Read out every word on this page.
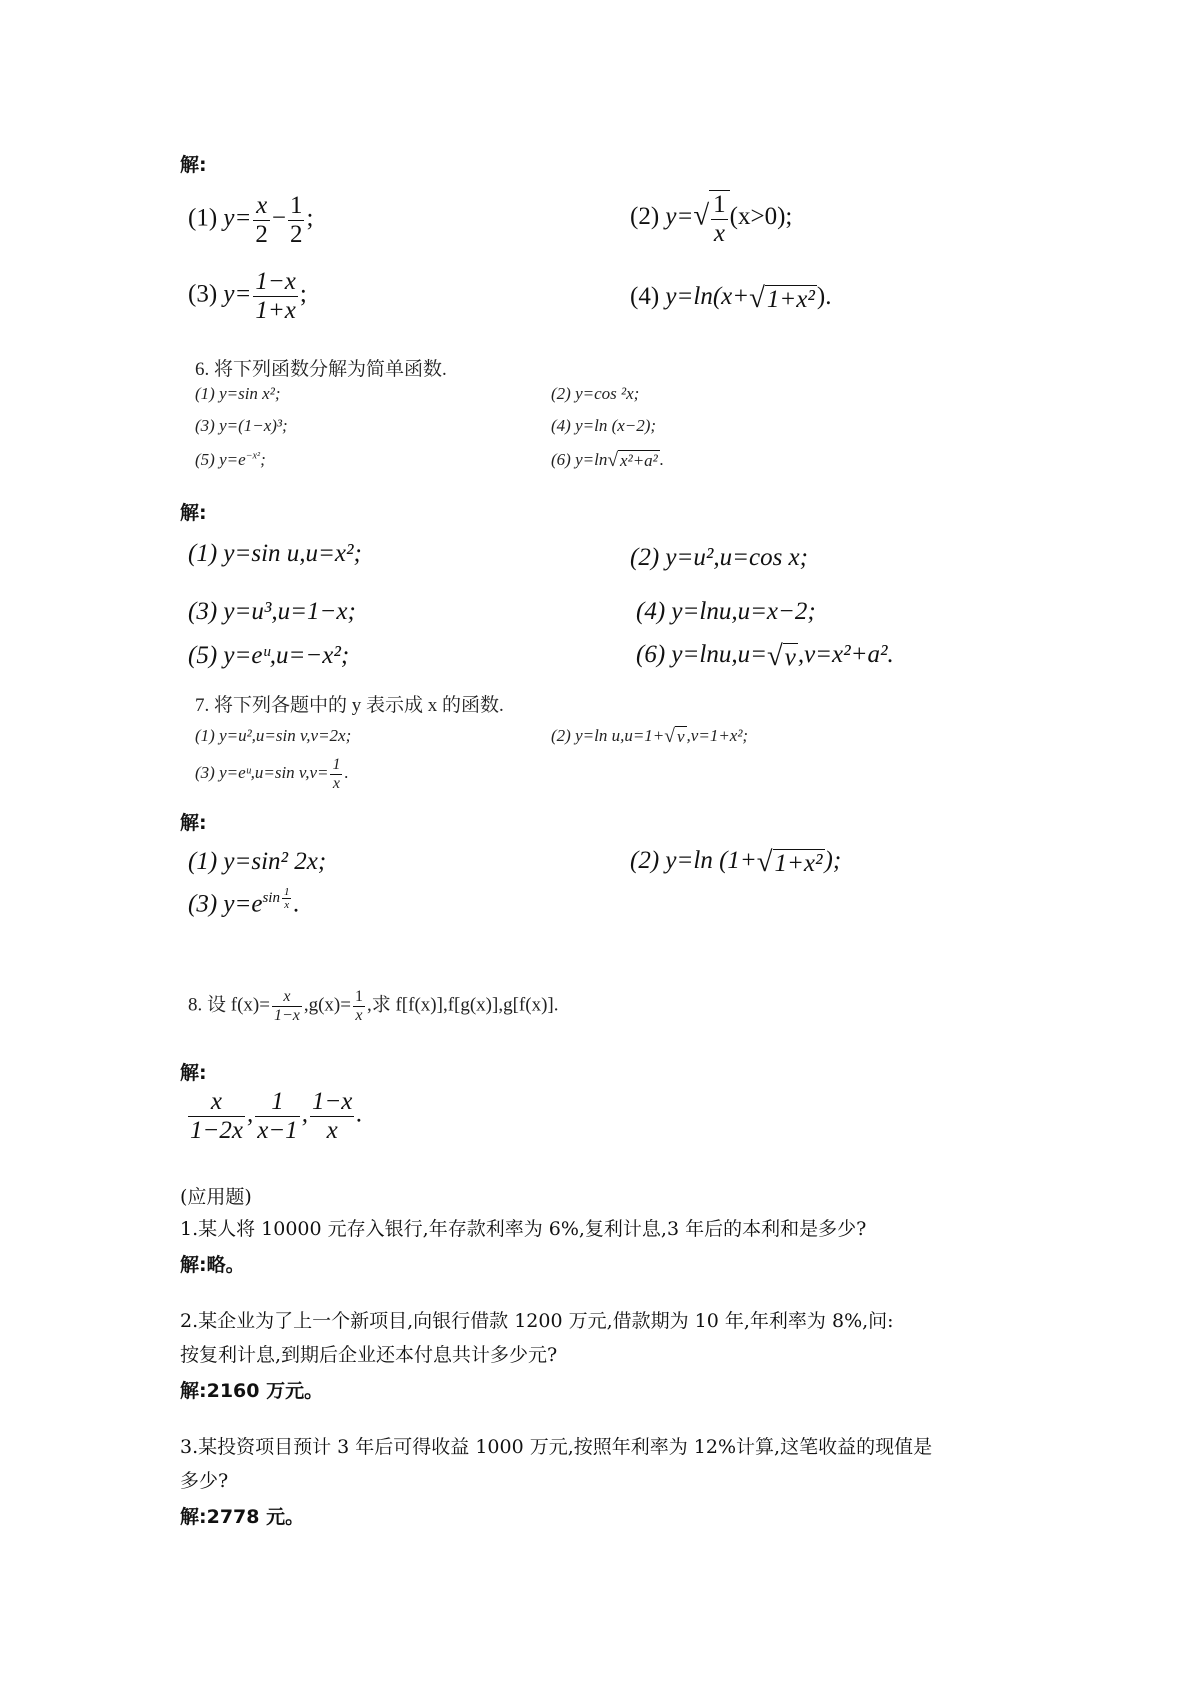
解:
(1) $y= \frac{x}{2} - \frac{1}{2}$ ;	(2) $y=√ \frac{1}{x} (x>0)$;
(3) $y= \frac{1-x}{1+x}$ ;	(4) y=ln(x+√1+x²).
6. 将下列函数分解为简单函数.
(1) y=sin x²;	(2) y=cos ²x;
(3) y=(1−x)³;	(4) y=ln (x−2);
(5) $y=e^{-x^2}$;	(6) y=ln√ x²+a² .
解:
(1) y=sin u,u=x²;	(2) y=u²,u=cos x;
(3) y=u³,u=1−x;	(4) y=lnu,u=x−2;
(5) y=eᵘ,u=−x²;	(6) y=lnu,u=√v,v=x²+a².
7. 将下列各题中的 y 表示成 x 的函数.
(1) y=u²,u=sin v,v=2x;	(2) y=ln u,u=1+√ v ,v=1+x²;
(3) y=eᵘ,u=sin $v,v= \frac{1}{x}$ .
解:
(1) y=sin² 2x;	(2) y=ln (1+√1+x²);
(3) $y=e^{sin \frac{1}{x}}$ .
8. 设 $f(x)= \frac{x}{1-x} ,g(x)= \frac{1}{x}$ ,求 f[f(x)],f[g(x)],g[f(x)].
解:
$\frac{x}{1-2x}$ , $\frac{1}{x-1}$ , $\frac{1-x}{x}$ .
(应用题)
1.某人将 10000 元存入银行,年存款利率为 6%,复利计息,3 年后的本利和是多少?
解:略。
2.某企业为了上一个新项目,向银行借款 1200 万元,借款期为 10 年,年利率为 8%,问:
按复利计息,到期后企业还本付息共计多少元?
解:2160 万元。
3.某投资项目预计 3 年后可得收益 1000 万元,按照年利率为 12%计算,这笔收益的现值是
多少?
解:2778 元。
